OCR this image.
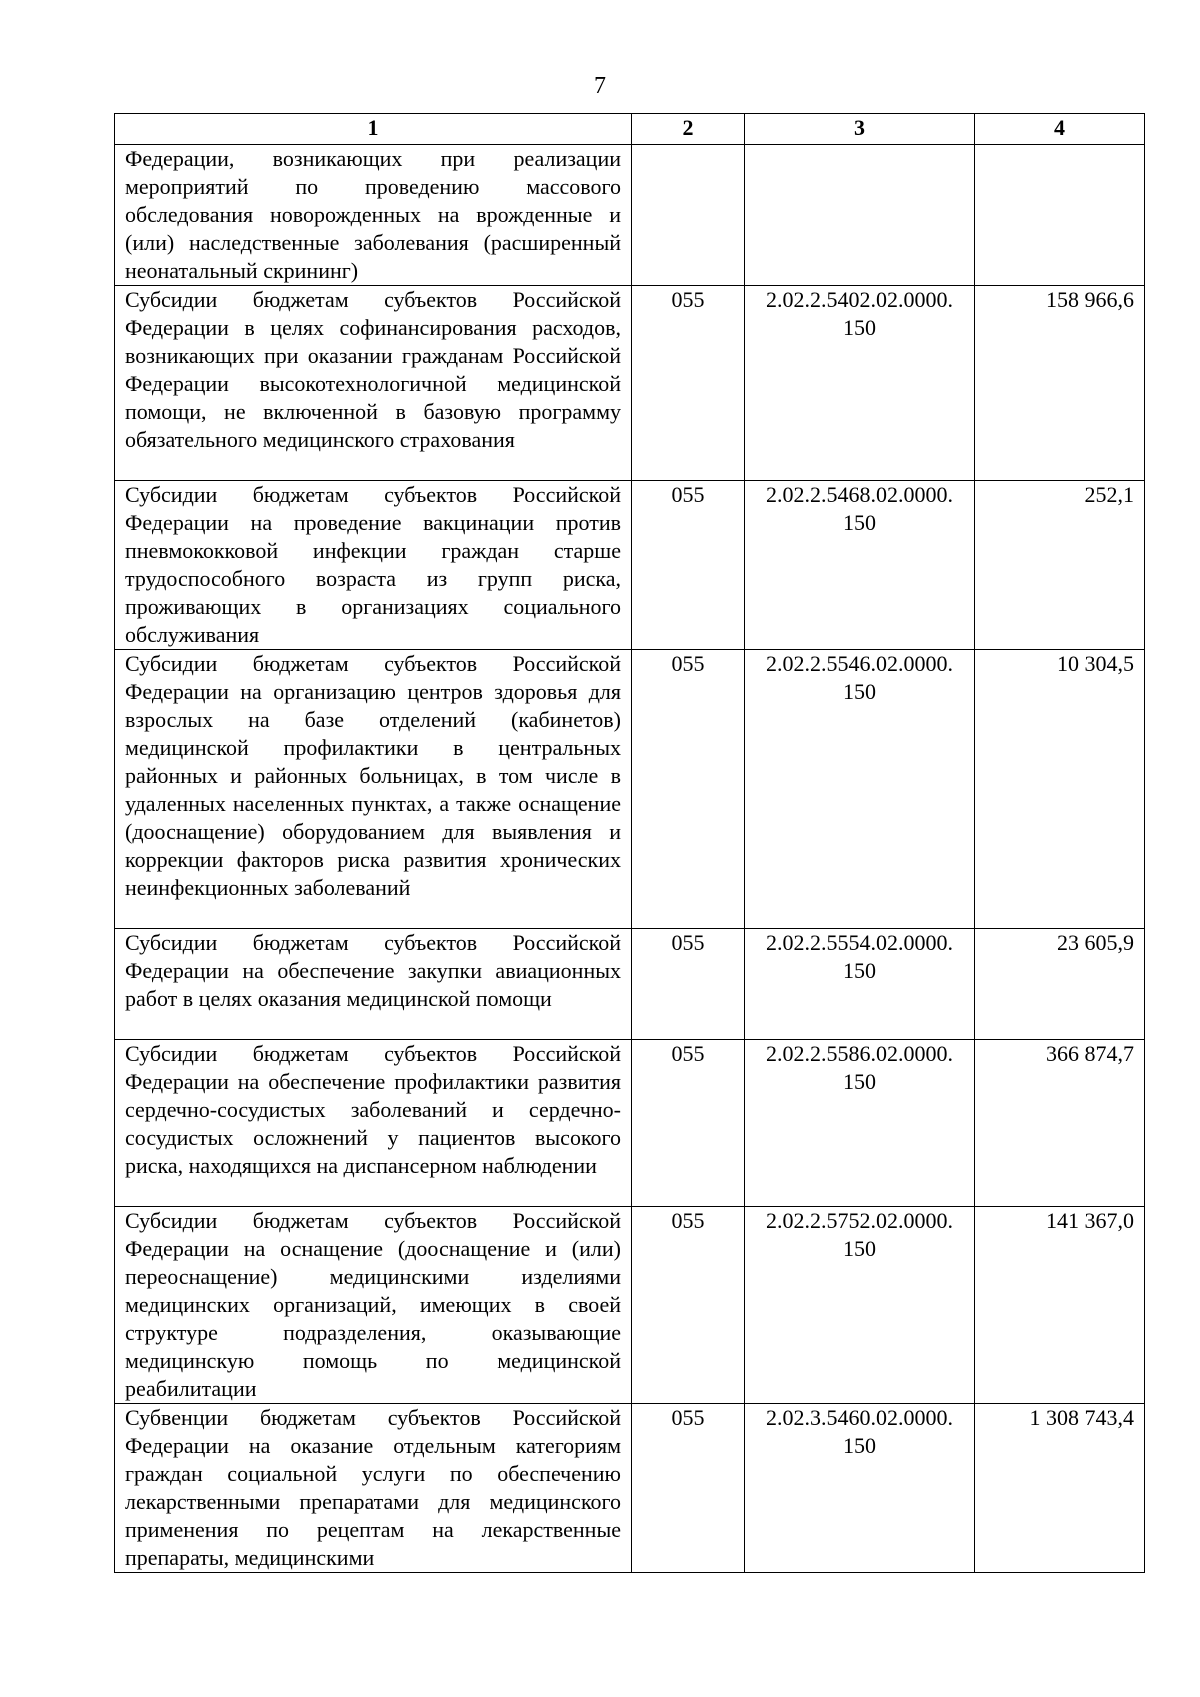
7
1	2	3	4
Федерации, возникающих при реализации мероприятий по проведению массового обследования новорожденных на врожденные и (или) наследственные заболевания (расширенный неонатальный скрининг)			
Субсидии бюджетам субъектов Российской Федерации в целях софинансирования расходов, возникающих при оказании гражданам Российской Федерации высокотехнологичной медицинской помощи, не включенной в базовую программу обязательного медицинского страхования	055	2.02.2.5402.02.0000. 150	158 966,6
Субсидии бюджетам субъектов Российской Федерации на проведение вакцинации против пневмококковой инфекции граждан старше трудоспособного возраста из групп риска, проживающих в организациях социального обслуживания	055	2.02.2.5468.02.0000. 150	252,1
Субсидии бюджетам субъектов Российской Федерации на организацию центров здоровья для взрослых на базе отделений (кабинетов) медицинской профилактики в центральных районных и районных больницах, в том числе в удаленных населенных пунктах, а также оснащение (дооснащение) оборудованием для выявления и коррекции факторов риска развития хронических неинфекционных заболеваний	055	2.02.2.5546.02.0000. 150	10 304,5
Субсидии бюджетам субъектов Российской Федерации на обеспечение закупки авиационных работ в целях оказания медицинской помощи	055	2.02.2.5554.02.0000. 150	23 605,9
Субсидии бюджетам субъектов Российской Федерации на обеспечение профилактики развития сердечно-сосудистых заболеваний и сердечно-сосудистых осложнений у пациентов высокого риска, находящихся на диспансерном наблюдении	055	2.02.2.5586.02.0000. 150	366 874,7
Субсидии бюджетам субъектов Российской Федерации на оснащение (дооснащение и (или) переоснащение) медицинскими изделиями медицинских организаций, имеющих в своей структуре подразделения, оказывающие медицинскую помощь по медицинской реабилитации	055	2.02.2.5752.02.0000. 150	141 367,0
Субвенции бюджетам субъектов Российской Федерации на оказание отдельным категориям граждан социальной услуги по обеспечению лекарственными препаратами для медицинского применения по рецептам на лекарственные препараты, медицинскими	055	2.02.3.5460.02.0000. 150	1 308 743,4
